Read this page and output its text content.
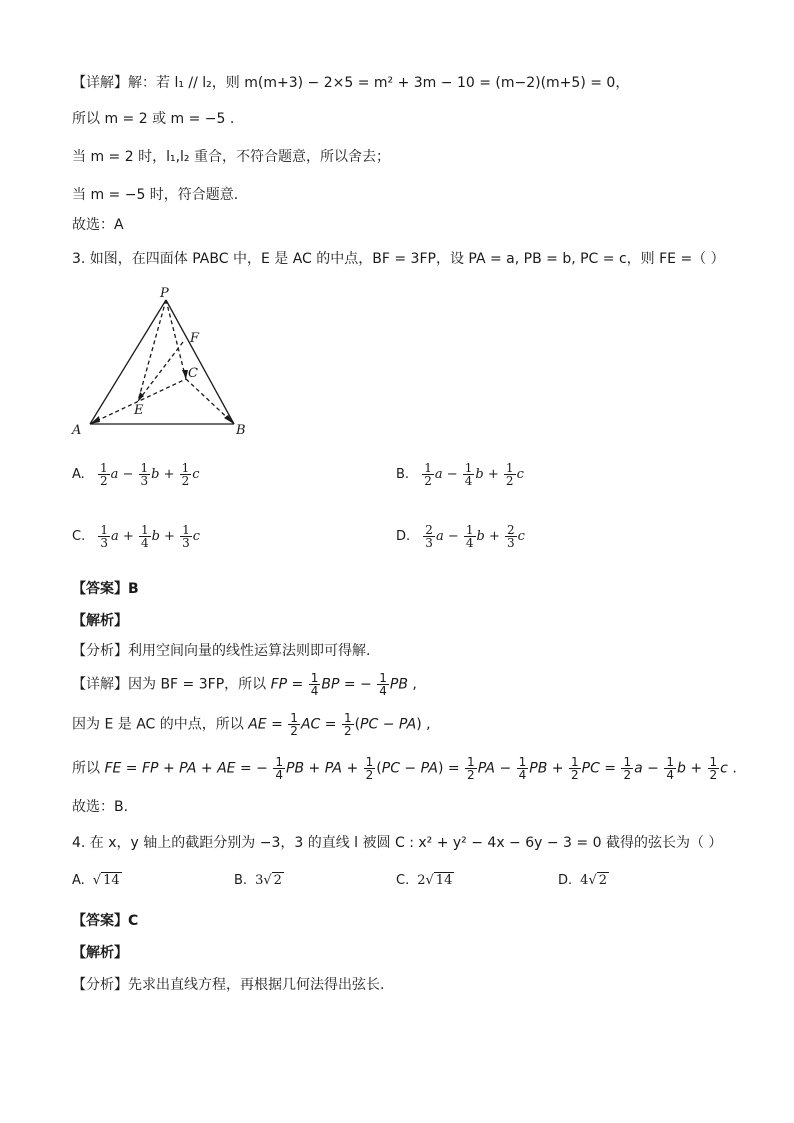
【详解】解：若 l₁ // l₂，则 m(m+3) − 2×5 = m² + 3m − 10 = (m−2)(m+5) = 0，
所以 m = 2 或 m = −5 .
当 m = 2 时，l₁,l₂ 重合，不符合题意，所以舍去；
当 m = −5 时，符合题意.
故选：A
3. 如图，在四面体 PABC 中，E 是 AC 的中点，BF = 3FP，设 PA = a, PB = b, PC = c，则 FE =（ ）
P
F
C
E
A	B
A. $\frac{1}{2}$ $a - \frac{1}{3}$ $b + \frac{1}{2}$ c	B. $\frac{1}{2}$ $a - \frac{1}{4}$ $b + \frac{1}{2}$ c
C. $\frac{1}{3}$ $a + \frac{1}{4}$ $b + \frac{1}{3}$ c	D. $\frac{2}{3}$ $a - \frac{1}{4}$ $b + \frac{2}{3}$ c
【答案】B
【解析】
【分析】利用空间向量的线性运算法则即可得解.
【详解】因为 BF = 3FP，所以 FP = $\frac{1}{4}$ BP = − $\frac{1}{4}$ PB ,
因为 E 是 AC 的中点，所以 AE = $\frac{1}{2}$ AC = $\frac{1}{2} (PC - PA)$ ,
所以 FE = FP + PA + AE = − $\frac{1}{4}$ PB + PA + $\frac{1}{2} (PC - PA) = \frac{1}{2}$ PA − $\frac{1}{4}$ PB + $\frac{1}{2}$ PC = $\frac{1}{2}$ $a - \frac{1}{4}$ $b + \frac{1}{2}$ c .
故选：B.
4. 在 x，y 轴上的截距分别为 −3，3 的直线 l 被圆 C : x² + y² − 4x − 6y − 3 = 0 截得的弦长为（ ）
A. √ 14	B. 3√ 2	C. 2√ 14	D. 4√ 2
【答案】C
【解析】
【分析】先求出直线方程，再根据几何法得出弦长.
